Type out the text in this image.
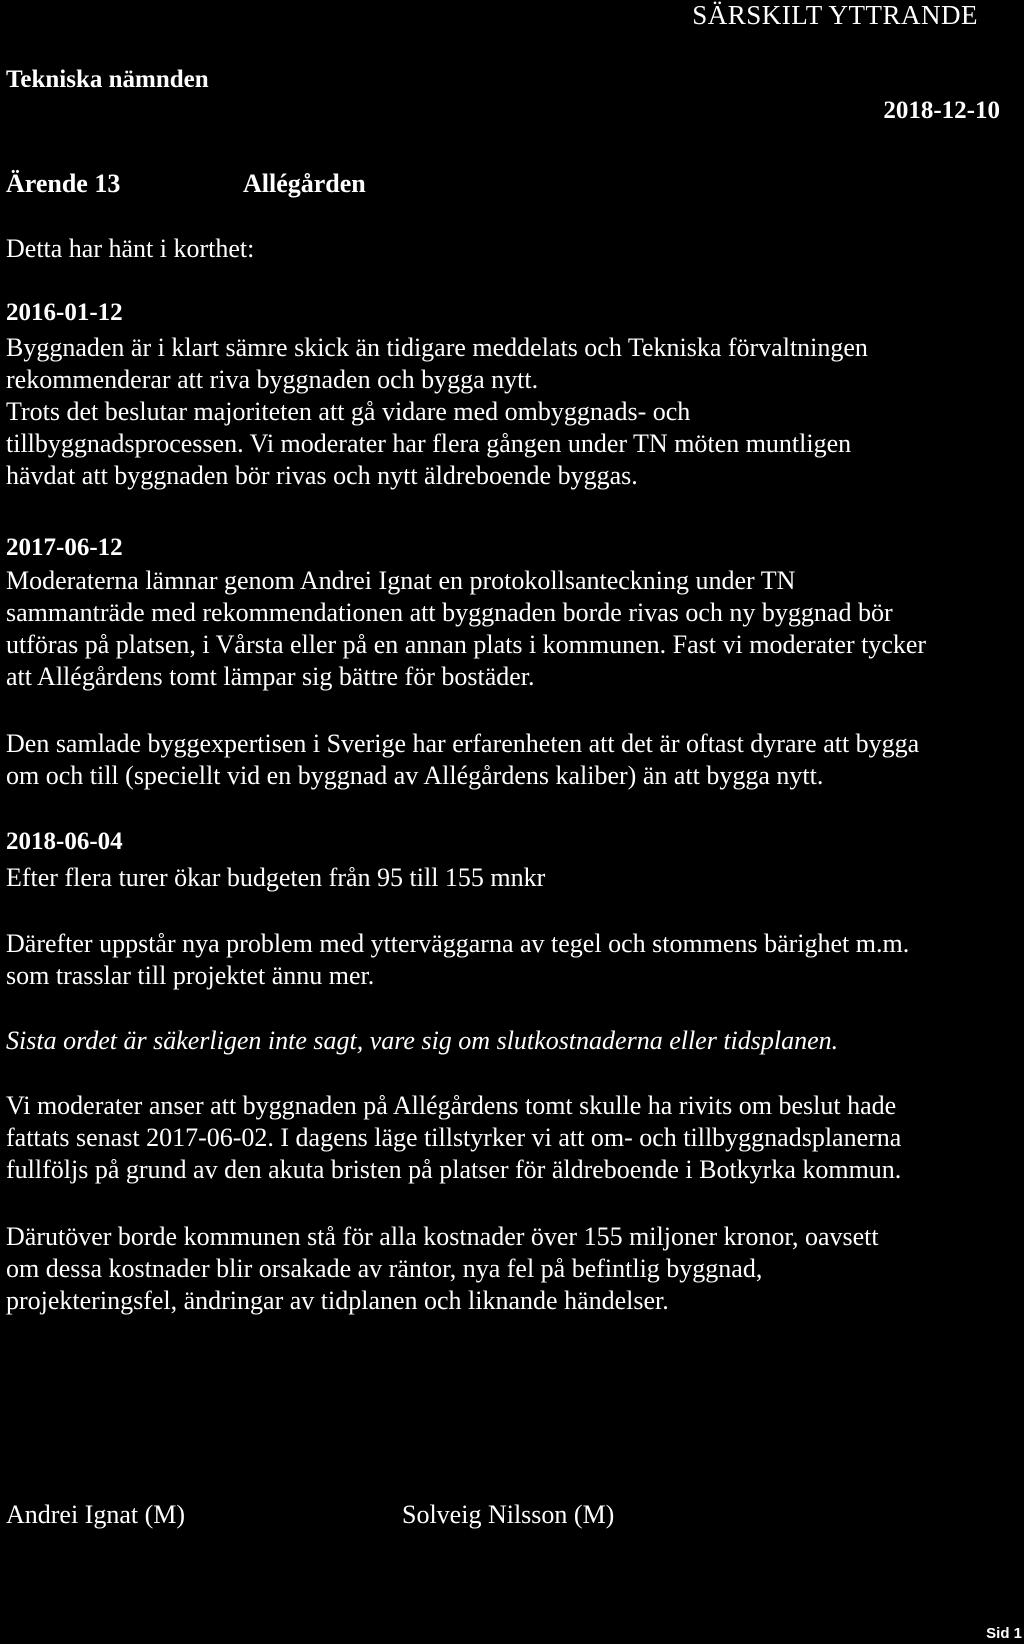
SÄRSKILT YTTRANDE
Tekniska nämnden
2018-12-10
Ärende 13	Allégården
Detta har hänt i korthet:
2016-01-12

Byggnaden är i klart sämre skick än tidigare meddelats och Tekniska förvaltningen

rekommenderar att riva byggnaden och bygga nytt.

Trots det beslutar majoriteten att gå vidare med ombyggnads- och

tillbyggnadsprocessen. Vi moderater har flera gången under TN möten muntligen

hävdat att byggnaden bör rivas och nytt äldreboende byggas.

2017-06-12

Moderaterna lämnar genom Andrei Ignat en protokollsanteckning under TN

sammanträde med rekommendationen att byggnaden borde rivas och ny byggnad bör

utföras på platsen, i Vårsta eller på en annan plats i kommunen. Fast vi moderater tycker

att Allégårdens tomt lämpar sig bättre för bostäder.

Den samlade byggexpertisen i Sverige har erfarenheten att det är oftast dyrare att bygga

om och till (speciellt vid en byggnad av Allégårdens kaliber) än att bygga nytt.

2018-06-04

Efter flera turer ökar budgeten från 95 till 155 mnkr

Därefter uppstår nya problem med ytterväggarna av tegel och stommens bärighet m.m.

som trasslar till projektet ännu mer.

Sista ordet är säkerligen inte sagt, vare sig om slutkostnaderna eller tidsplanen.

Vi moderater anser att byggnaden på Allégårdens tomt skulle ha rivits om beslut hade

fattats senast 2017-06-02. I dagens läge tillstyrker vi att om- och tillbyggnadsplanerna

fullföljs på grund av den akuta bristen på platser för äldreboende i Botkyrka kommun.

Därutöver borde kommunen stå för alla kostnader över 155 miljoner kronor, oavsett

om dessa kostnader blir orsakade av räntor, nya fel på befintlig byggnad,

projekteringsfel, ändringar av tidplanen och liknande händelser.

Andrei Ignat (M)	Solveig Nilsson (M)
Sid 1
